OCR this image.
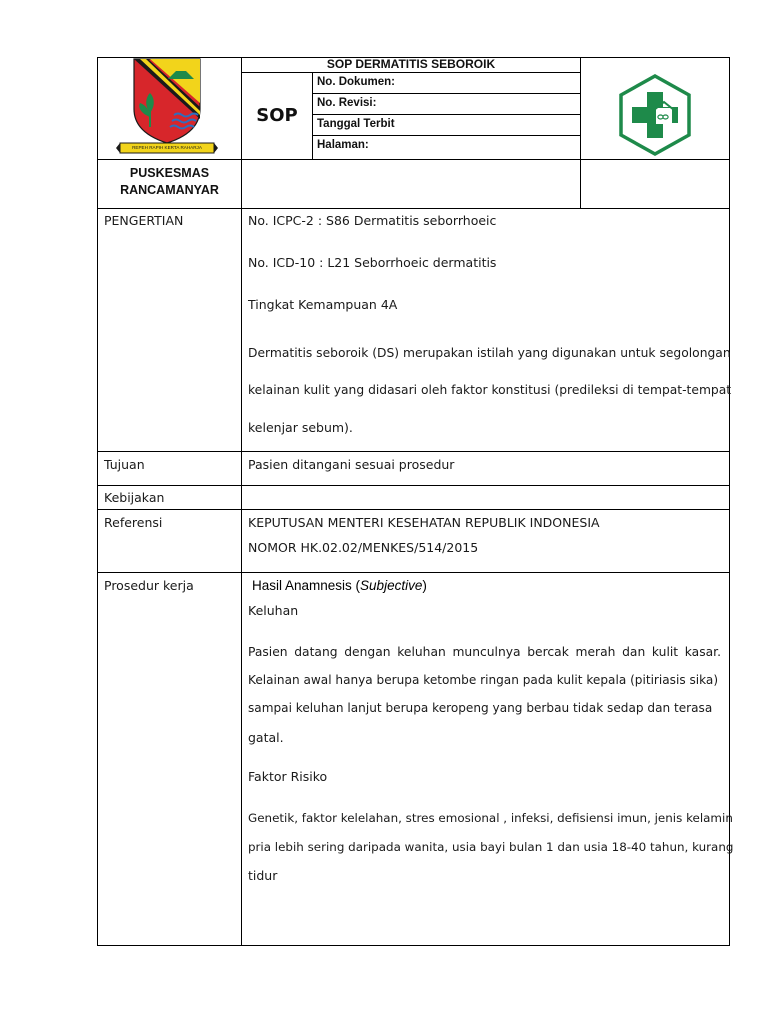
REPEH RAPIH KERTA RAHARJA
SOP DERMATITIS SEBOROIK
SOP
No. Dokumen:
No. Revisi:
Tanggal Terbit
Halaman:
PUSKESMAS
RANCAMANYAR
PENGERTIAN	No. ICPC-2 : S86 Dermatitis seborrhoeic
No. ICD-10 : L21 Seborrhoeic dermatitis
Tingkat Kemampuan 4A
Dermatitis seboroik (DS) merupakan istilah yang digunakan untuk segolongan
kelainan kulit yang didasari oleh faktor konstitusi (predileksi di tempat-tempat
kelenjar sebum).
Tujuan	Pasien ditangani sesuai prosedur
Kebijakan
Referensi	KEPUTUSAN MENTERI KESEHATAN REPUBLIK INDONESIA
NOMOR HK.02.02/MENKES/514/2015
Prosedur kerja	Hasil Anamnesis (Subjective)
Keluhan
Pasien datang dengan keluhan munculnya bercak merah dan kulit kasar.
Kelainan awal hanya berupa ketombe ringan pada kulit kepala (pitiriasis sika)
sampai keluhan lanjut berupa keropeng yang berbau tidak sedap dan terasa
gatal.
Faktor Risiko
Genetik, faktor kelelahan, stres emosional , infeksi, defisiensi imun, jenis kelamin
pria lebih sering daripada wanita, usia bayi bulan 1 dan usia 18-40 tahun, kurang
tidur
